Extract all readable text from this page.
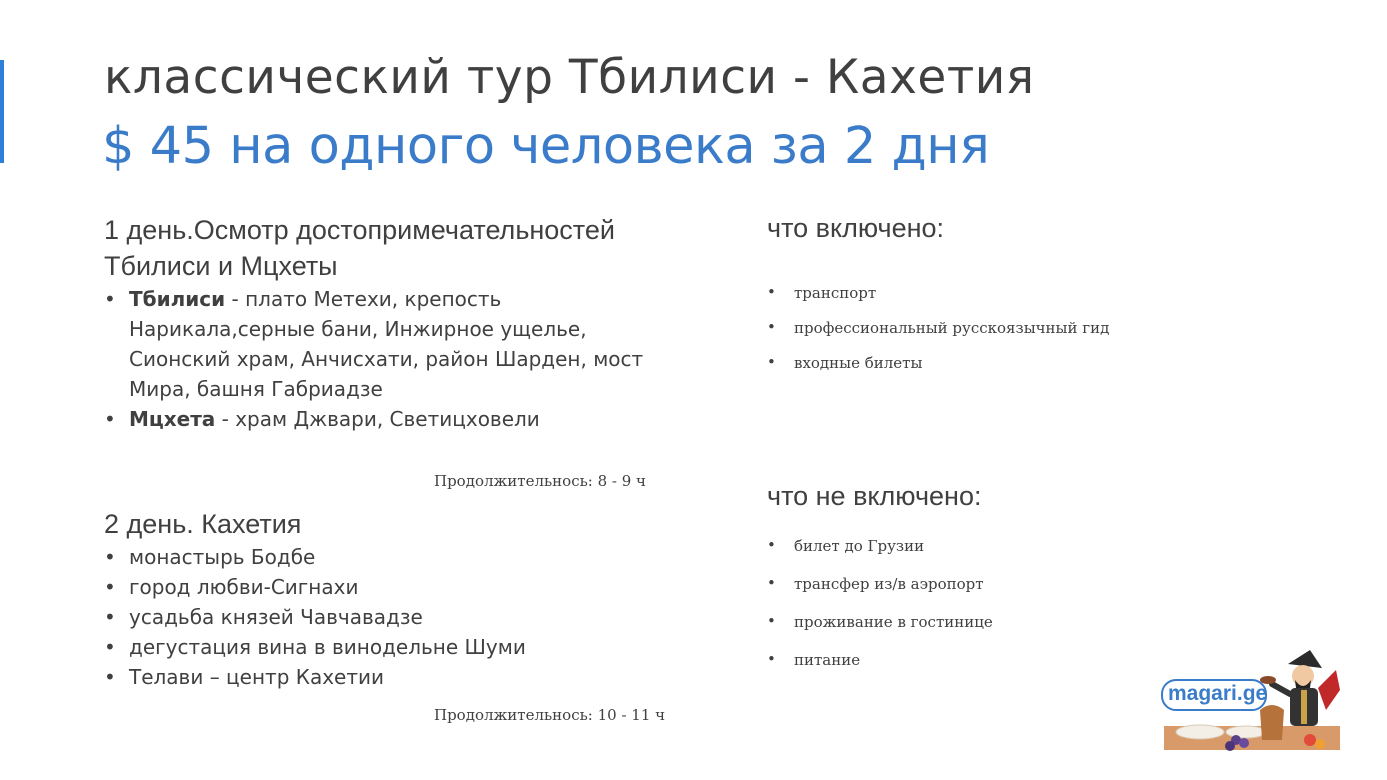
классический тур Тбилиси - Кахетия
$ 45 на одного человека за 2 дня
1 день.Осмотр достопримечательностей
Тбилиси и Мцхеты
• Тбилиси - плато Метехи, крепость
Нарикала,серные бани, Инжирное ущелье,
Сионский храм, Анчисхати, район Шарден, мост
Мира, башня Габриадзе
• Мцхета - храм Джвари, Светицховели
Продолжительнось: 8 - 9 ч
2 день. Кахетия
• монастырь Бодбе
• город любви-Сигнахи
• усадьба князей Чавчавадзе
• дегустация вина в винодельне Шуми
• Телави – центр Кахетии
Продолжительнось: 10 - 11 ч
что включено:
• транспорт
• профессиональный русскоязычный гид
• входные билеты
что не включено:
• билет до Грузии
• трансфер из/в аэропорт
• проживание в гостинице
• питание
magari.ge
